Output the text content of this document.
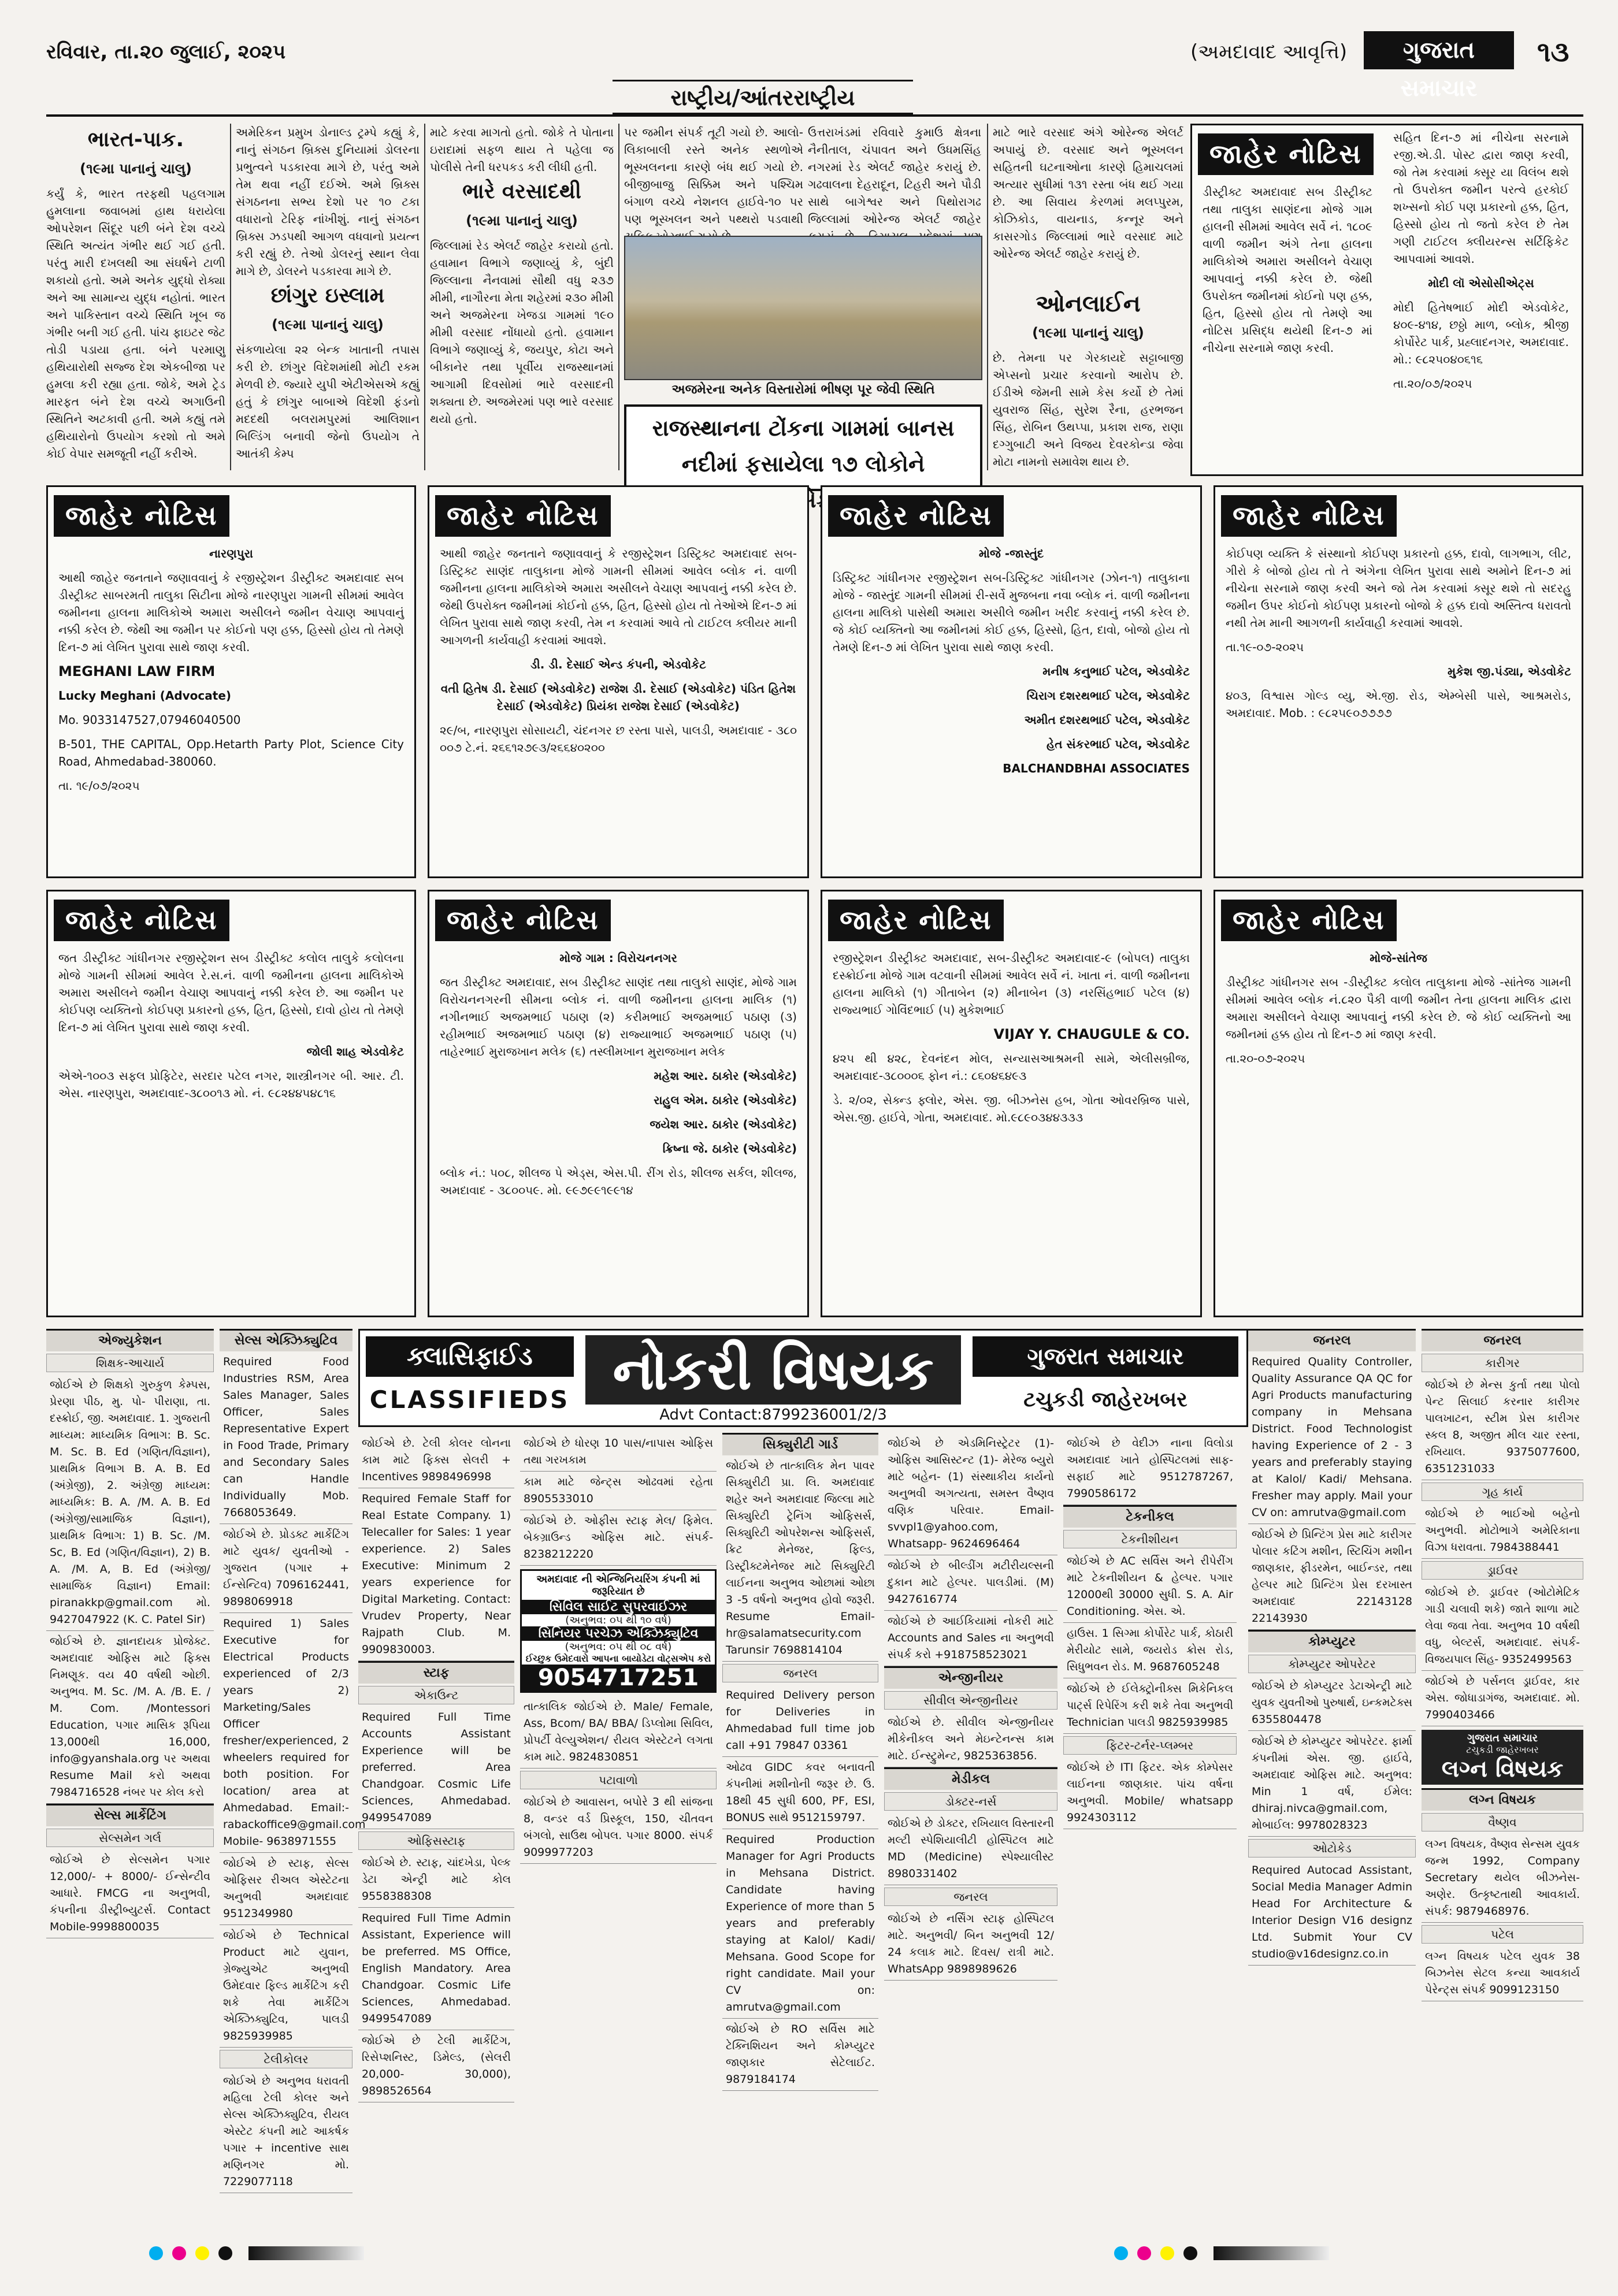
રવિવાર, તા.૨૦ જુલાઈ, ૨૦૨૫	(અમદાવાદ આવૃત્તિ)	ગુજરાત સમાચાર
૧૩
રાષ્ટ્રીય/આંતરરાષ્ટ્રીય
ભારત-પાક.
(૧૯મા પાનાનું ચાલુ)

કર્યું કે, ભારત તરફથી પહલગામ હુમલાના જવાબમાં હાથ ધરાયેલા ઓપરેશન સિંદૂર પછી બંને દેશ વચ્ચે સ્થિતિ અત્યંત ગંભીર થઈ ગઈ હતી. પરંતુ મારી દખલથી આ સંઘર્ષને ટાળી શકાયો હતો. અમે અનેક યુદ્ધો રોક્યા અને આ સામાન્ય યુદ્ધ નહોતાં. ભારત અને પાકિસ્તાન વચ્ચે સ્થિતિ ખૂબ જ ગંભીર બની ગઈ હતી. પાંચ ફાઇટર જેટ તોડી પડાયા હતા. બંને પરમાણુ હથિયારોથી સજ્જ દેશ એકબીજા પર હુમલા કરી રહ્યા હતા. જોકે, અમે ટ્રેડ મારફત બંને દેશ વચ્ચે અગાઉની સ્થિતિને અટકાવી હતી. અમે કહ્યું તમે હથિયારોનો ઉપયોગ કરશો તો અમે કોઈ વેપાર સમજૂતી નહીં કરીએ.

અમેરિકન પ્રમુખ ડોનાલ્ડ ટ્રમ્પે કહ્યું કે, નાનું સંગઠન બ્રિક્સ દુનિયામાં ડોલરના પ્રભુત્વને પડકારવા માગે છે, પરંતુ અમે તેમ થવા નહીં દઈએ. અમે બ્રિક્સ સંગઠનના સભ્ય દેશો પર ૧૦ ટકા વધારાનો ટેરિફ નાંખીશું. નાનું સંગઠન બ્રિક્સ ઝડપથી આગળ વધવાનો પ્રયત્ન કરી રહ્યું છે. તેઓ ડોલરનું સ્થાન લેવા માગે છે, ડોલરને પડકારવા માગે છે.

છાંગુર ઇસ્લામ
(૧૯મા પાનાનું ચાલુ)

સંકળાયેલા ૨૨ બેન્ક ખાતાની તપાસ કરી છે. છાંગુર વિદેશમાંથી મોટી રકમ મેળવી છે. જ્યારે યુપી એટીએસએ કહ્યું હતું કે છાંગુર બાબાએ વિદેશી ફંડનો મદદથી બલરામપુરમાં આલિશાન બિલ્ડિંગ બનાવી જેનો ઉપયોગ તે આતંકી કેમ્પ

માટે કરવા માગતો હતો. જોકે તે પોતાના ઇરાદામાં સફળ થાય તે પહેલા જ પોલીસે તેની ધરપકડ કરી લીધી હતી.

ભારે વરસાદથી
(૧૯મા પાનાનું ચાલુ)

જિલ્લામાં રેડ એલર્ટ જાહેર કરાયો હતો. હવામાન વિભાગે જણાવ્યું કે, બુંદી જિલ્લાના નૈનવામાં સૌથી વધુ ૨૩૭ મીમી, નાગૌરના મેતા શહેરમાં ૨૩૦ મીમી અને અજમેરના ખેજડા ગામમાં ૧૯૦ મીમી વરસાદ નોંધાયો હતો. હવામાન વિભાગે જણાવ્યું કે, જયપુર, કોટા અને બીકાનેર તથા પૂર્વીય રાજસ્થાનમાં આગામી દિવસોમાં ભારે વરસાદની શક્યતા છે. અજમેરમાં પણ ભારે વરસાદ થયો હતો.

પર જમીન સંપર્ક તૂટી ગયો છે. આલો-લિકાબાલી રસ્તે અનેક સ્થળોએ ભૂસ્ખલનના કારણે બંધ થઈ ગયો છે. બીજીબાજુ સિક્કિમ અને પશ્ચિમ બંગાળ વચ્ચે નેશનલ હાઈવે-૧૦ પર પણ ભૂસ્ખલન અને પથ્થરો પડવાથી

ઉત્તરાખંડમાં રવિવારે કુમાઉ ક્ષેત્રના નૈનીતાલ, ચંપાવત અને ઉધમસિંહ નગરમાં રેડ એલર્ટ જાહેર કરાયું છે. ગઢવાલના દેહરાદૂન, ટિહરી અને પૌડી સાથે બાગેશ્વર અને પિથોરાગઢ જિલ્લામાં ઓરેન્જ એલર્ટ જાહેર

અજમેરના અનેક વિસ્તારોમાં ભીષણ પૂર જેવી સ્થિતિ
રાજસ્થાનના ટોંકના ગામમાં બાનસ નદીમાં ફસાયેલા ૧૭ લોકોને

માટે ભારે વરસાદ અંગે ઓરેન્જ એલર્ટ અપાયું છે. વરસાદ અને ભૂસ્ખલન સહિતની ઘટનાઓના કારણે હિમાચલમાં અત્યાર સુધીમાં ૧૩૧ રસ્તા બંધ થઈ ગયા છે. આ સિવાય કેરળમાં મલપ્પુરમ, કોઝિકોડ, વાયનાડ, કન્નૂર અને કાસરગોડ જિલ્લામાં ભારે વરસાદ માટે ઓરેન્જ એલર્ટ જાહેર કરાયું છે.

ઓનલાઈન
(૧૯મા પાનાનું ચાલુ)

છે. તેમના પર ગેરકાયદે સટ્ટાબાજી એપ્સનો પ્રચાર કરવાનો આરોપ છે. ઈડીએ જેમની સામે કેસ કર્યો છે તેમાં યુવરાજ સિંહ, સુરેશ રૈના, હરભજન સિંહ, રોબિન ઉથપ્પા, પ્રકાશ રાજ, રાણા દગ્ગુબાટી અને વિજય દેવરકોન્ડા જેવા મોટા નામનો સમાવેશ થાય છે.

જાહેર નોટિસ
ડીસ્ટ્રીક્ટ અમદાવાદ સબ ડીસ્ટ્રીક્ટ તથા તાલુકા સાણંદના મોજે ગામ હાલની સીમમાં આવેલ સર્વે નં. ૧૮૦૯ વાળી જમીન અંગે તેના હાલના માલિકોએ અમારા અસીલને વેચાણ આપવાનું નક્કી કરેલ છે. જેથી ઉપરોક્ત જમીનમાં કોઈનો પણ હક્ક, હિત, હિસ્સો હોય તો તેમણે આ નોટિસ પ્રસિદ્ધ થયેથી દિન-૭ માં નીચેના સરનામે જાણ કરવી.
સહિત દિન-૭ માં નીચેના સરનામે રજી.એ.ડી. પોસ્ટ દ્વારા જાણ કરવી, જો તેમ કરવામાં ક્સૂર યા વિલંબ થશે તો ઉપરોક્ત જમીન પરત્વે હરકોઈ શખ્સનો કોઈ પણ પ્રકારનો હક્ક, હિત, હિસ્સો હોય તો જતો કરેલ છે તેમ ગણી ટાઈટલ ક્લીયરન્સ સર્ટિફિકેટ આપવામાં આવશે.
મોદી લૉ એસોસીએટ્સ
મોદી હિતેષભાઈ મોદી એડવોકેટ, ૪૦૯-૪૧૪, છઠ્ઠો માળ, બ્લોક, શ્રીજી કોર્પોરેટ પાર્ક, પ્રહ્લાદનગર, અમદાવાદ. મો.: ૯૮૨૫૦૪૦૬૧૬
તા.૨૦/૦૭/૨૦૨૫
જાહેર નોટિસ
નારણપુરા
આથી જાહેર જનતાને જણાવવાનું કે રજીસ્ટ્રેશન ડીસ્ટ્રીક્ટ અમદાવાદ સબ ડીસ્ટ્રીક્ટ સાબરમતી તાલુકા સિટીના મોજે નારણપુરા ગામની સીમમાં આવેલ જમીનના હાલના માલિકોએ અમારા અસીલને જમીન વેચાણ આપવાનું નક્કી કરેલ છે. જેથી આ જમીન પર કોઈનો પણ હક્ક, હિસ્સો હોય તો તેમણે દિન-૭ માં લેખિત પુરાવા સાથે જાણ કરવી.
MEGHANI LAW FIRM
Lucky Meghani (Advocate)
Mo. 9033147527,07946040500
B-501, THE CAPITAL, Opp.Hetarth Party Plot, Science City Road, Ahmedabad-380060.
તા. ૧૯/૦૭/૨૦૨૫
જાહેર નોટિસ
આથી જાહેર જનતાને જણાવવાનું કે રજીસ્ટ્રેશન ડિસ્ટ્રિક્ટ અમદાવાદ સબ-ડિસ્ટ્રિક્ટ સાણંદ તાલુકાના મોજે ગામની સીમમાં આવેલ બ્લોક નં. વાળી જમીનના હાલના માલિકોએ અમારા અસીલને વેચાણ આપવાનું નક્કી કરેલ છે. જેથી ઉપરોક્ત જમીનમાં કોઈનો હક્ક, હિત, હિસ્સો હોય તો તેઓએ દિન-૭ માં લેખિત પુરાવા સાથે જાણ કરવી, તેમ ન કરવામાં આવે તો ટાઈટલ ક્લીયર માની આગળની કાર્યવાહી કરવામાં આવશે.
ડી. ડી. દેસાઈ એન્ડ કંપની, એડવોકેટ
વતી હિતેષ ડી. દેસાઈ (એડવોકેટ) રાજેશ ડી. દેસાઈ (એડવોકેટ) પંડિત હિતેશ દેસાઈ (એડવોકેટ) પ્રિયંકા રાજેશ દેસાઈ (એડવોકેટ)
૨૯/બ, નારણપુરા સોસાયટી, ચંદનગર છ રસ્તા પાસે, પાલડી, અમદાવાદ - ૩૮૦ ૦૦૭ ટે.નં. ૨૬૬૧૨૭૯૩/૨૬૬૪૦૨૦૦
જાહેર નોટિસ
મોજે -જાસ્તુંદ
ડિસ્ટ્રિક્ટ ગાંધીનગર રજીસ્ટ્રેશન સબ-ડિસ્ટ્રિક્ટ ગાંધીનગર (ઝોન-૧) તાલુકાના મોજે - જાસ્તુંદ ગામની સીમમાં રી-સર્વે મુજબના નવા બ્લોક નં. વાળી જમીનના હાલના માલિકો પાસેથી અમારા અસીલે જમીન ખરીદ કરવાનું નક્કી કરેલ છે. જે કોઈ વ્યક્તિનો આ જમીનમાં કોઈ હક્ક, હિસ્સો, હિત, દાવો, બોજો હોય તો તેમણે દિન-૭ માં લેખિત પુરાવા સાથે જાણ કરવી.
મનીષ કનુભાઈ પટેલ, એડવોકેટ
ચિરાગ દશરથભાઈ પટેલ, એડવોકેટ
અમીત દશરથભાઈ પટેલ, એડવોકેટ
હેત સંકરભાઈ પટેલ, એડવોકેટ
BALCHANDBHAI ASSOCIATES
જાહેર નોટિસ
કોઈપણ વ્યક્તિ કે સંસ્થાનો કોઈપણ પ્રકારનો હક્ક, દાવો, લાગભાગ, લીટ, ગીરો કે બોજો હોય તો તે અંગેના લેખિત પુરાવા સાથે અમોને દિન-૭ માં નીચેના સરનામે જાણ કરવી અને જો તેમ કરવામાં ક્સૂર થશે તો સદરહુ જમીન ઉપર કોઈનો કોઈપણ પ્રકારનો બોજો કે હક્ક દાવો અસ્તિત્વ ધરાવતો નથી તેમ માની આગળની કાર્યવાહી કરવામાં આવશે.
તા.૧૯-૦૭-૨૦૨૫
મુકેશ જી.પંડ્યા, એડવોકેટ
૪૦૩, વિશ્વાસ ગોલ્ડ વ્યુ, એ.જી. રોડ, એમ્બેસી પાસે, આશ્રમરોડ, અમદાવાદ. Mob. : ૯૮૨૫૯૦૭૭૭૭
જાહેર નોટિસ
જત ડીસ્ટ્રીક્ટ ગાંધીનગર રજીસ્ટ્રેશન સબ ડીસ્ટ્રીક્ટ કલોલ તાલુકે કલોલના મોજે ગામની સીમમાં આવેલ રે.સ.નં. વાળી જમીનના હાલના માલિકોએ અમારા અસીલને જમીન વેચાણ આપવાનું નક્કી કરેલ છે. આ જમીન પર કોઈપણ વ્યક્તિનો કોઈપણ પ્રકારનો હક્ક, હિત, હિસ્સો, દાવો હોય તો તેમણે દિન-૭ માં લેખિત પુરાવા સાથે જાણ કરવી.
જોલી શાહ એડવોકેટ
એએ-૧૦૦૩ સફલ પ્રોફિટેર, સરદાર પટેલ નગર, શાસ્ત્રીનગર બી. આર. ટી. એસ. નારણપુરા, અમદાવાદ-૩૮૦૦૧૩ મો. નં. ૯૮૨૪૪૫૪૮૧૬
જાહેર નોટિસ
મોજે ગામ : વિરોચનનગર
જત ડીસ્ટ્રીક્ટ અમદાવાદ, સબ ડીસ્ટ્રીક્ટ સાણંદ તથા તાલુકો સાણંદ, મોજે ગામ વિરોચનનગરની સીમના બ્લોક નં. વાળી જમીનના હાલના માલિક (૧) નગીનભાઈ અજમભાઈ પઠાણ (૨) કરીમભાઈ અજમભાઈ પઠાણ (૩) રહીમભાઈ અજમભાઈ પઠાણ (૪) રાજ્યાભાઈ અજમભાઈ પઠાણ (૫) તાહેરભાઈ મુરાજખાન મલેક (૬) તસ્લીમખાન મુરાજખાન મલેક
મહેશ આર. ઠાકોર (એડવોકેટ)
રાહુલ એમ. ઠાકોર (એડવોકેટ)
જયેશ આર. ઠાકોર (એડવોકેટ)
ક્રિષ્ના જે. ઠાકોર (એડવોકેટ)
બ્લોક નં.: ૫૦૮, શીલજ પે એડ્સ, એસ.પી. રીંગ રોડ, શીલજ સર્કલ, શીલજ, અમદાવાદ - ૩૮૦૦૫૯. મો. ૯૯૭૯૯૧૯૯૧૪
જાહેર નોટિસ
રજીસ્ટ્રેશન ડીસ્ટ્રીક્ટ અમદાવાદ, સબ-ડીસ્ટ્રીક્ટ અમદાવાદ-૯ (બોપલ) તાલુકા દસ્ક્રોઈના મોજે ગામ વટવાની સીમમાં આવેલ સર્વે નં. ખાતા નં. વાળી જમીનના હાલના માલિકો (૧) ગીતાબેન (૨) મીનાબેન (૩) નરસિંહભાઈ પટેલ (૪) રાજ્યભાઈ ગોવિંદભાઈ (૫) મુકેશભાઈ
VIJAY Y. CHAUGULE & CO.
૪૨૫ થી ૪૨૮, દેવનંદન મોલ, સન્યાસઆશ્રમની સામે, એલીસબ્રીજ, અમદાવાદ-૩૮૦૦૦૬ ફોન નં.: ૮૬૦૪૬૪૯૩
ડે. ૨/૦૨, સેક્ન્ડ ફ્લોર, એસ. જી. બીઝનેસ હબ, ગોતા ઓવરબ્રિજ પાસે, એસ.જી. હાઈવે, ગોતા, અમદાવાદ. મો.૯૮૯૦૩૪૪૩૩૩
જાહેર નોટિસ
મોજે-સાંતેજ
ડીસ્ટ્રીક્ટ ગાંધીનગર સબ -ડીસ્ટ્રીક્ટ કલોલ તાલુકાના મોજે -સાંતેજ ગામની સીમમાં આવેલ બ્લોક નં.૮૨૦ પૈકી વાળી જમીન તેના હાલના માલિક દ્વારા અમારા અસીલને વેચાણ આપવાનું નક્કી કરેલ છે. જે કોઈ વ્યક્તિનો આ જમીનમાં હક્ક હોય તો દિન-૭ માં જાણ કરવી.
તા.૨૦-૦૭-૨૦૨૫
ક્લાસિફાઈડ
CLASSIFIEDS નોકરી વિષયક
Advt Contact:8799236001/2/3
ગુજરાત સમાચાર
ટચુકડી જાહેરખબર
એજ્યુકેશન
શિક્ષક-આચાર્ય
જોઈએ છે શિક્ષકો ગુરુકુળ કેમ્પસ, પ્રેરણા પીઠ, મુ. પો- પીરાણા, તા. દસ્ક્રોઈ, જી. અમદાવાદ. 1. ગુજરાતી માધ્યમ: માધ્યમિક વિભાગ: B. Sc. M. Sc. B. Ed (ગણિત/વિજ્ઞાન), પ્રાથમિક વિભાગ B. A. B. Ed (અંગ્રેજી), 2. અંગ્રેજી માધ્યમ: માધ્યમિક: B. A. /M. A. B. Ed (અંગ્રેજી/સામાજિક વિજ્ઞાન), પ્રાથમિક વિભાગ: 1) B. Sc. /M. Sc, B. Ed (ગણિત/વિજ્ઞાન), 2) B. A. /M. A, B. Ed (અંગ્રેજી/સામાજિક વિજ્ઞાન) Email: piranakkp@gmail.com મો. 9427047922 (K. C. Patel Sir)
જોઈએ છે. જ્ઞાનદાયક પ્રોજેક્ટ. અમદાવાદ ઓફિસ માટે ફિક્સ નિમણૂક. વય 40 વર્ષથી ઓછી. અનુભવ. M. Sc. /M. A. /B. E. / M. Com. /Montessori Education, પગાર માસિક રૂપિયા 13,000થી 16,000, info@gyanshala.org પર અથવા Resume Mail કરો અથવા 7984716528 નંબર પર કોલ કરો
સેલ્સ માર્કેટિંગ
સેલ્સમેન ગર્લ
જોઈએ છે સેલ્સમેન પગાર 12,000/- + 8000/- ઈન્સેન્ટીવ આધારે. FMCG ના અનુભવી, કંપનીના ડીસ્ટ્રીબ્યુટર્સ. Contact Mobile-9998800035
સેલ્સ એક્ઝિક્યુટિવ
Required Food Industries RSM, Area Sales Manager, Sales Officer, Sales Representative Expert in Food Trade, Primary and Secondary Sales can Handle Individually Mob. 7668053649.
જોઈએ છે. પ્રોડક્ટ માર્કેટિંગ માટે યુવક/ યુવતીઓ - ગુજરાત (પગાર + ઈન્સેન્ટિવ) 7096162441, 9898069918
Required 1) Sales Executive for Electrical Products experienced of 2/3 years 2) Marketing/Sales Officer fresher/experienced, 2 wheelers required for both position. For location/ area at Ahmedabad. Email:- rabackoffice9@gmail.com Mobile- 9638971555
જોઈએ છે સ્ટાફ, સેલ્સ ઓફિસર રીઅલ એસ્ટેટના અનુભવી અમદાવાદ 9512349980
જોઈએ છે Technical Product માટે યુવાન, ગ્રેજ્યુએટ અનુભવી ઉમેદવાર ફિલ્ડ માર્કેટિંગ કરી શકે તેવા માર્કેટિંગ એક્ઝિક્યુટિવ, પાલડી 9825939985
ટેલીકોલર
જોઈએ છે અનુભવ ધરાવતી મહિલા ટેલી કોલર અને સેલ્સ એક્ઝિક્યુટિવ, રીયલ એસ્ટેટ કંપની માટે આકર્ષક પગાર + incentive સાથ મણિનગર મો. 7229077118
જોઈએ છે. ટેલી કોલર લોનના કામ માટે ફિક્સ સેલરી + Incentives 9898496998
Required Female Staff for Real Estate Company. 1) Telecaller for Sales: 1 year experience. 2) Sales Executive: Minimum 2 years experience for Digital Marketing. Contact: Vrudev Property, Near Rajpath Club. M. 9909830003.
સ્ટાફ
એકાઉન્ટ
Required Full Time Accounts Assistant Experience will be preferred. Area Chandgoar. Cosmic Life Sciences, Ahmedabad. 9499547089
ઓફિસસ્ટાફ
જોઈએ છે. સ્ટાફ, ચાંદખેડા, પેલ્ક ડેટા એન્ટ્રી માટે કોલ 9558388308
Required Full Time Admin Assistant, Experience will be preferred. MS Office, English Mandatory. Area Chandgoar. Cosmic Life Sciences, Ahmedabad. 9499547089
જોઈએ છે ટેલી માર્કેટિંગ, રિસેપ્શનિસ્ટ, ડિમેલ્ડ, (સેલરી 20,000- 30,000), 9898526564
જોઈએ છે ધોરણ 10 પાસ/નાપાસ ઓફિસ તથા ગરખકામ
કામ માટે જેન્ટ્સ ઓઢવમાં રહેતા 8905533010
જોઈએ છે. ઓફીસ સ્ટાફ મેલ/ ફિમેલ. બેકગ્રાઉન્ડ ઓફિસ માટે. સંપર્ક- 8238212220
અમદાવાદ ની એન્જિનિયરિંગ કંપની માં જરૂરિયાત છે
સિવિલ સાઈટ સુપરવાઈઝર
(અનુભવ: ૦૫ થી ૧૦ વર્ષ)
સિનિયર પરચેઝ એક્ઝિક્યુટિવ
(અનુભવ: ૦૫ થી ૦૮ વર્ષ)
ઈચ્છુક ઉમેદવારો આપના બાયોડેટા વોટ્સએપ કરો
9054717251
તાત્કાલિક જોઈએ છે. Male/ Female, Ass, Bcom/ BA/ BBA/ ડિપ્લોમા સિવિલ, પ્રોપર્ટી વેલ્યુએશન/ રીયલ એસ્ટેટને લગતા કામ માટે. 9824830851
પટાવાળો
જોઈએ છે આવાસન, બપોરે 3 થી સાંજના 8, વન્ડર વર્ડ પ્રિસ્કૂલ, 150, ચીતવન બંગલો, સાઉથ બોપલ. પગાર 8000. સંપર્ક 9099977203
સિક્યુરીટી ગાર્ડ
જોઈએ છે તાત્કાલિક મેન પાવર સિક્યુરીટી પ્રા. લિ. અમદાવાદ શહેર અને અમદાવાદ જિલ્લા માટે સિક્યુરિટી ટ્રેનિંગ ઓફિસર્સ, સિક્યુરિટી ઓપરેશન્સ ઓફિસર્સ, ક્રિટ મેનેજર, ફિલ્ડ, ડિસ્ટ્રીક્ટમેનેજર માટે સિક્યુરિટી લાઈનના અનુભવ ઓછામાં ઓછા 3 -5 વર્ષનો અનુભવ હોવો જરૂરી. Resume Email- hr@salamatsecurity.com Tarunsir 7698814104
જનરલ
Required Delivery person for Deliveries in Ahmedabad full time job call +91 79847 03361
ઓઢવ GIDC કવર બનાવતી કંપનીમાં મશીનોની જરૂર છે. ઉ. 18થી 45 સુધી 600, PF, ESI, BONUS સાથે 9512159797.
Required Production Manager for Agri Products in Mehsana District. Candidate having Experience of more than 5 years and preferably staying at Kalol/ Kadi/ Mehsana. Good Scope for right candidate. Mail your CV on: amrutva@gmail.com
જોઈએ છે RO સર્વિસ માટે ટેક્નિશિયન અને કોમ્પ્યુટર જાણકાર સેટેલાઈટ. 9879184174
જોઈએ છે એડમિનિસ્ટ્રેટર (1)- ઓફિસ આસિસ્ટન્ટ (1)- મેરેજ બ્યુરો માટે બહેન- (1) સંસ્થાકીય કાર્યનો અનુભવી અગત્યતા, સમસ્ત વૈષ્ણવ વણિક પરિવાર. Email- svvpl1@yahoo.com, Whatsapp- 9624696464
જોઈએ છે બીલ્ડીંગ મટીરીયલ્સની દુકાન માટે હેલ્પર. પાલડીમાં. (M) 9427616774
જોઈએ છે આઈકિયામાં નોકરી માટે Accounts and Sales ના અનુભવી સંપર્ક કરો +918758523021
એન્જીનીયર
સીવીલ એન્જીનીયર
જોઈએ છે. સીવીલ એન્જીનીયર મીકેનીકલ અને મેઇન્ટેનન્સ કામ માટે. ઈન્સ્ટ્રુમેન્ટ, 9825363856.
મેડીકલ
ડોક્ટર-નર્સ
જોઈએ છે ડોક્ટર, રખિયાલ વિસ્તારની મલ્ટી સ્પેશિયાલીટી હોસ્પિટલ માટે MD (Medicine) સ્પેશ્યાલીસ્ટ 8980331402
જનરલ
જોઈએ છે નર્સિંગ સ્ટાફ હોસ્પિટલ માટે. અનુભવી/ બિન અનુભવી 12/ 24 કલાક માટે. દિવસ/ રાત્રી માટે. WhatsApp 9898989626
જોઈએ છે વેદીઝ નાના વિલોડા અમદાવાદ ખાતે હોસ્પિટલમાં સાફ- સફાઈ માટે 9512787267, 7990586172
ટેકનીકલ
ટેકનીશીયન
જોઈએ છે AC સર્વિસ અને રીપેરીંગ માટે ટેકનીશીયન & હેલ્પર. પગાર 12000થી 30000 સુધી. S. A. Air Conditioning. એસ. એ.
હાઉસ. 1 સિગ્મા કોર્પોરેટ પાર્ક, કોઠારી મેરીયોટ સામે, જયરોડ ક્રોસ રોડ, સિધુભવન રોડ. M. 9687605248
જોઈએ છે ઈલેક્ટ્રોનીક્સ મિકેનિકલ પાર્ટ્સ રિપેરિંગ કરી શકે તેવા અનુભવી Technician પાલડી 9825939985
ફિટર-ટર્નર-પ્લમ્બર
જોઈએ છે ITI ફિટર. એક કોમ્પેસર લાઈનના જાણકાર. પાંચ વર્ષના અનુભવી. Mobile/ whatsapp 9924303112
જનરલ
Required Quality Controller, Quality Assurance QA QC for Agri Products manufacturing company in Mehsana District. Food Technologist having Experience of 2 - 3 years and preferably staying at Kalol/ Kadi/ Mehsana. Fresher may apply. Mail your CV on: amrutva@gmail.com
જોઈએ છે પ્રિન્ટિંગ પ્રેસ માટે કારીગર પોલાર કટિંગ મશીન, સ્ટિચિંગ મશીન જાણકાર, ફીડરમેન, બાઈન્ડર, તથા હેલ્પર માટે પ્રિન્ટિંગ પ્રેસ દરખાસ્ત અમદાવાદ 22143128 22143930
કોમ્પ્યુટર
કોમ્પ્યુટર ઓપરેટર
જોઈએ છે કોમ્પ્યુટર ડેટાએન્ટ્રી માટે યુવક યુવતીઓ પુરુષાર્થ, ઇન્કમટેક્સ 6355804478
જોઈએ છે કોમ્પ્યુટર ઓપરેટર. ફાર્મા કંપનીમાં એસ. જી. હાઈવે, અમદાવાદ ઓફિસ માટે. અનુભવ: Min 1 વર્ષ, ઈમેલ: dhiraj.nivca@gmail.com, મોબાઈલ: 9978028323
ઓટોકેડ
Required Autocad Assistant, Social Media Manager Admin Head For Architecture & Interior Design V16 designz Ltd. Submit Your CV studio@v16designz.co.in
જનરલ
કારીગર
જોઈએ છે મેન્સ કુર્તા તથા પોલો પેન્ટ સિલાઈ કરનાર કારીગર પાલખાટન, સ્ટીમ પ્રેસ કારીગર સ્કલ 8, અજીત મીલ ચાર રસ્તા, રખિયાલ. 9375077600, 6351231033
ગૃહ કાર્ય
જોઈએ છે ભાઈઓ બહેનો અનુભવી. મોટોભાગે અમેરિકાના વિઝા ધરાવતા. 7984388441
ડ્રાઈવર
જોઈએ છે. ડ્રાઈવર (ઓટોમેટિક ગાડી ચલાવી શકે) જાતે શાળા માટે લેવા જવા તેવા. અનુભવ 10 વર્ષથી વધુ, બેલ્ટર્સ, અમદાવાદ. સંપર્ક- વિજયપાલ સિંહ- 9352499563
જોઈએ છે પર્સનલ ડ્રાઈવર, કાર એસ. જોધાડાગંજ, અમદાવાદ. મો. 7990403466
ગુજરાત સમાચાર
ટચુકડી જાહેરખબર
લગ્ન વિષયક
લગ્ન વિષયક
વૈષ્ણવ
લગ્ન વિષયક, વૈષ્ણવ સેન્સમ યુવક જન્મ 1992, Company Secretary થયેલ બીઝનેસ- અણેર. ઉત્કૃષ્ટતાથી આવકાર્ય. સંપર્ક: 9879468976.
પટેલ
લગ્ન વિષયક પટેલ યુવક 38 બિઝનેસ સેટલ કન્યા આવકાર્ય પેરેન્ટ્સ સંપર્ક 9099123150
